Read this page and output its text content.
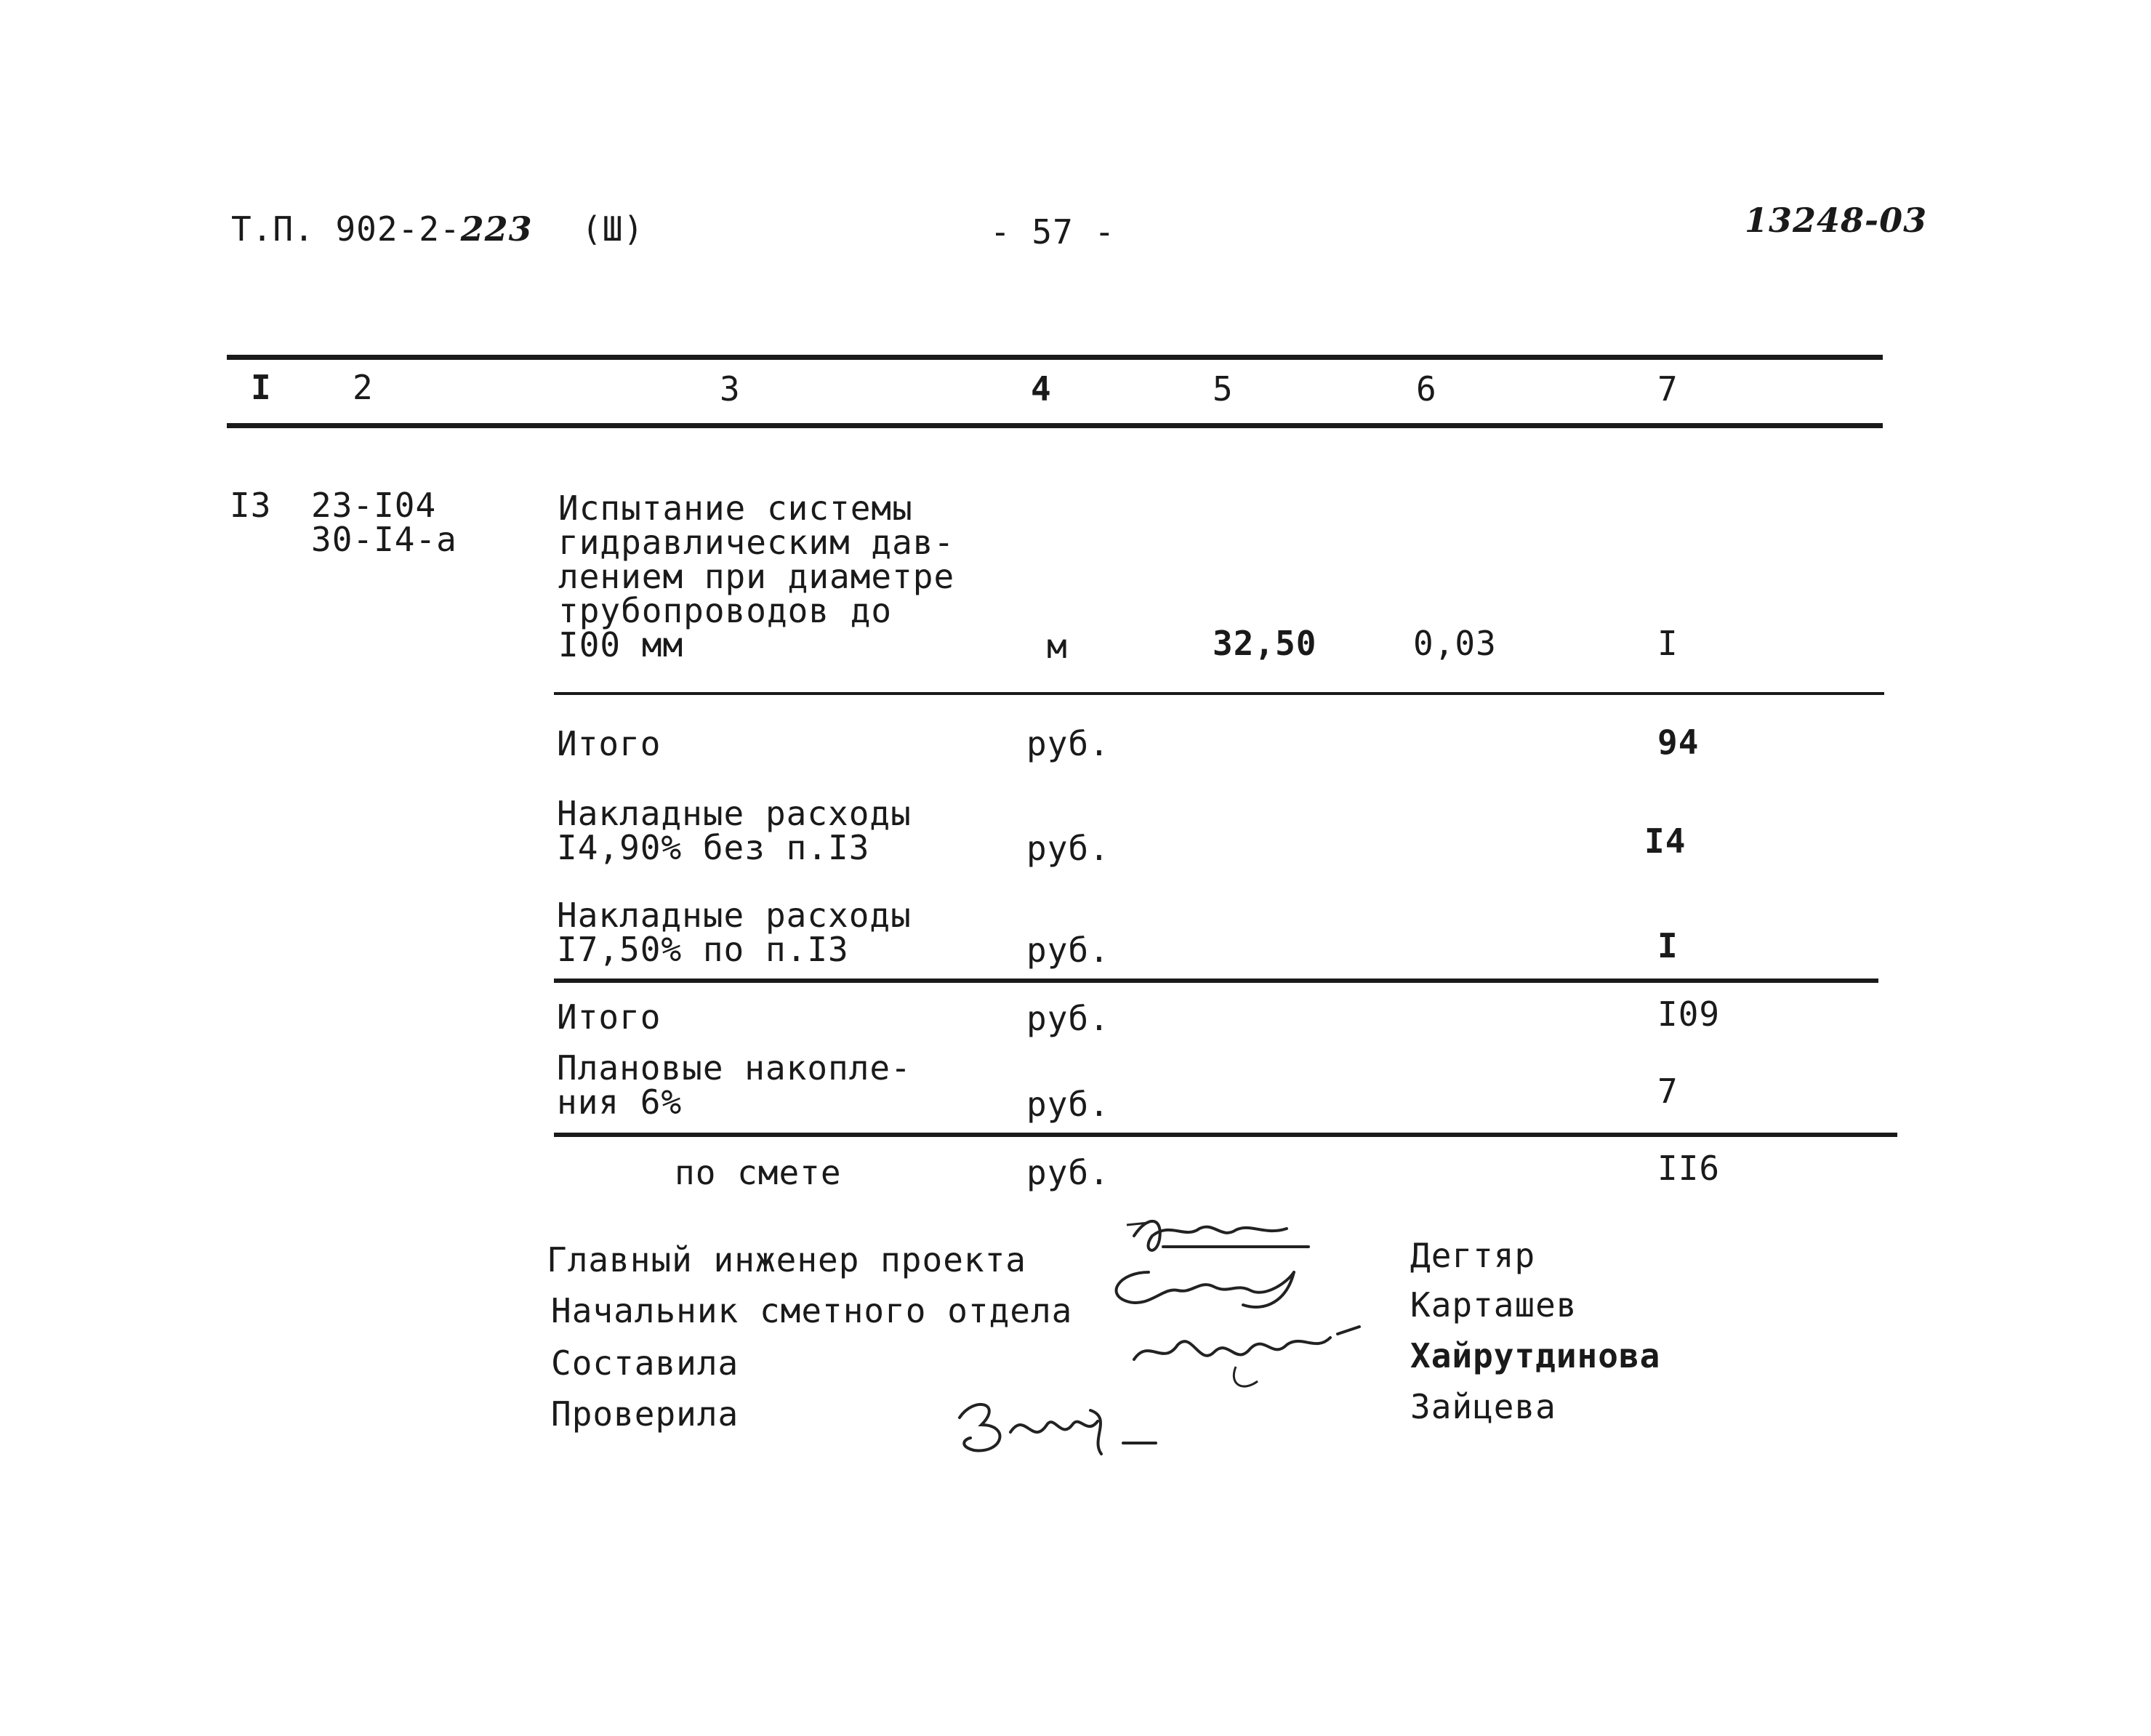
Т.П. 902-2-223 (Ш)	- 57 -	13248-03
I 2	3	4	5	6	7
I3 23-I04
30-I4-а
Испытание системы
гидравлическим дав-
лением при диаметре
трубопроводов до
I00 мм	м	32,50	0,03	I
Итого	руб.	94
Накладные расходы
I4,90% без п.I3	руб.	I4
Накладные расходы
I7,50% по п.I3	руб.	I
Итого	руб.	I09
Плановые накопле-
ния 6%	руб.	7
по смете	руб.	II6
Главный инженер проекта	Дегтяр
Начальник сметного отдела	Карташев
Составила	Хайрутдинова
Проверила	Зайцева
